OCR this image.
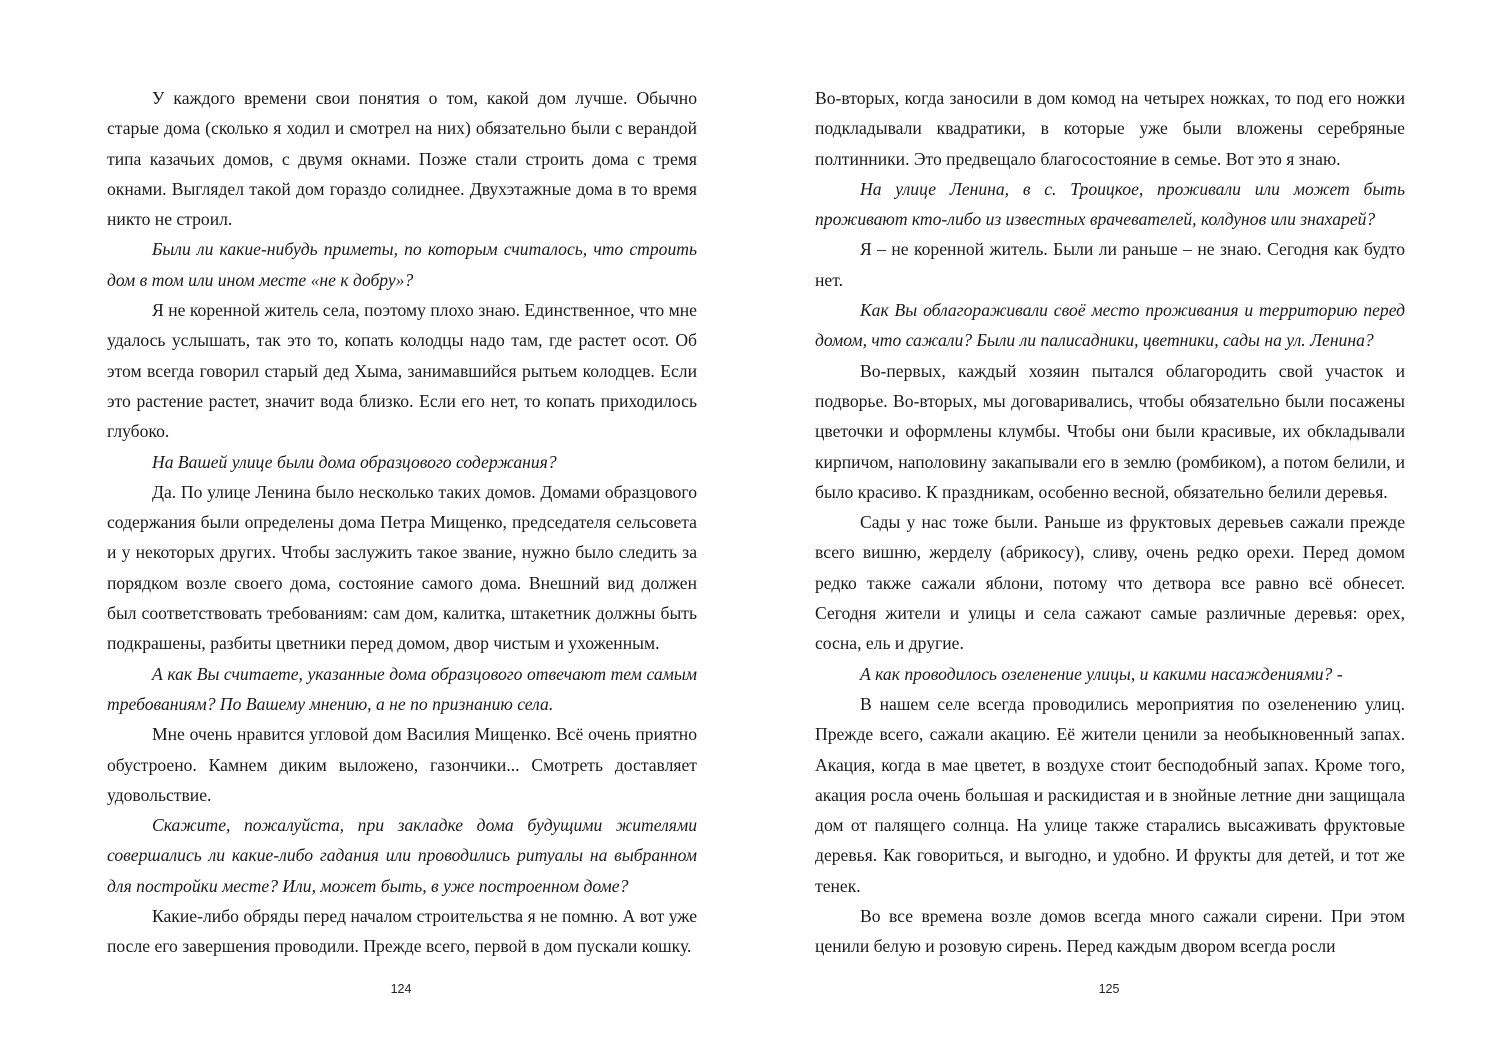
У каждого времени свои понятия о том, какой дом лучше. Обычно старые дома (сколько я ходил и смотрел на них) обязательно были с верандой типа казачьих домов, с двумя окнами. Позже стали строить дома с тремя окнами. Выглядел такой дом гораздо солиднее. Двухэтажные дома в то время никто не строил.

Были ли какие-нибудь приметы, по которым считалось, что строить дом в том или ином месте «не к добру»?

Я не коренной житель села, поэтому плохо знаю. Единственное, что мне удалось услышать, так это то, копать колодцы надо там, где растет осот. Об этом всегда говорил старый дед Хыма, занимавшийся рытьем колодцев. Если это растение растет, значит вода близко. Если его нет, то копать приходилось глубоко.

На Вашей улице были дома образцового содержания?

Да. По улице Ленина было несколько таких домов. Домами образцового содержания были определены дома Петра Мищенко, председателя сельсовета и у некоторых других. Чтобы заслужить такое звание, нужно было следить за порядком возле своего дома, состояние самого дома. Внешний вид должен был соответствовать требованиям: сам дом, калитка, штакетник должны быть подкрашены, разбиты цветники перед домом, двор чистым и ухоженным.

А как Вы считаете, указанные дома образцового отвечают тем самым требованиям? По Вашему мнению, а не по признанию села.

Мне очень нравится угловой дом Василия Мищенко. Всё очень приятно обустроено. Камнем диким выложено, газончики... Смотреть доставляет удовольствие.

Скажите, пожалуйста, при закладке дома будущими жителями совершались ли какие-либо гадания или проводились ритуалы на выбранном для постройки месте? Или, может быть, в уже построенном доме?

Какие-либо обряды перед началом строительства я не помню. А вот уже после его завершения проводили. Прежде всего, первой в дом пускали кошку.

Во-вторых, когда заносили в дом комод на четырех ножках, то под его ножки подкладывали квадратики, в которые уже были вложены серебряные полтинники. Это предвещало благосостояние в семье. Вот это я знаю.

На улице Ленина, в с. Троицкое, проживали или может быть проживают кто-либо из известных врачевателей, колдунов или знахарей?

Я – не коренной житель. Были ли раньше – не знаю. Сегодня как будто нет.

Как Вы облагораживали своё место проживания и территорию перед домом, что сажали? Были ли палисадники, цветники, сады на ул. Ленина?

Во-первых, каждый хозяин пытался облагородить свой участок и подворье. Во-вторых, мы договаривались, чтобы обязательно были посажены цветочки и оформлены клумбы. Чтобы они были красивые, их обкладывали кирпичом, наполовину закапывали его в землю (ромбиком), а потом белили, и было красиво. К праздникам, особенно весной, обязательно белили деревья.

Сады у нас тоже были. Раньше из фруктовых деревьев сажали прежде всего вишню, жерделу (абрикосу), сливу, очень редко орехи. Перед домом редко также сажали яблони, потому что детвора все равно всё обнесет. Сегодня жители и улицы и села сажают самые различные деревья: орех, сосна, ель и другие.

А как проводилось озеленение улицы, и какими насаждениями? -

В нашем селе всегда проводились мероприятия по озеленению улиц. Прежде всего, сажали акацию. Её жители ценили за необыкновенный запах. Акация, когда в мае цветет, в воздухе стоит бесподобный запах. Кроме того, акация росла очень большая и раскидистая и в знойные летние дни защищала дом от палящего солнца. На улице также старались высаживать фруктовые деревья. Как говориться, и выгодно, и удобно. И фрукты для детей, и тот же тенек.

Во все времена возле домов всегда много сажали сирени. При этом ценили белую и розовую сирень. Перед каждым двором всегда росли

124	125
